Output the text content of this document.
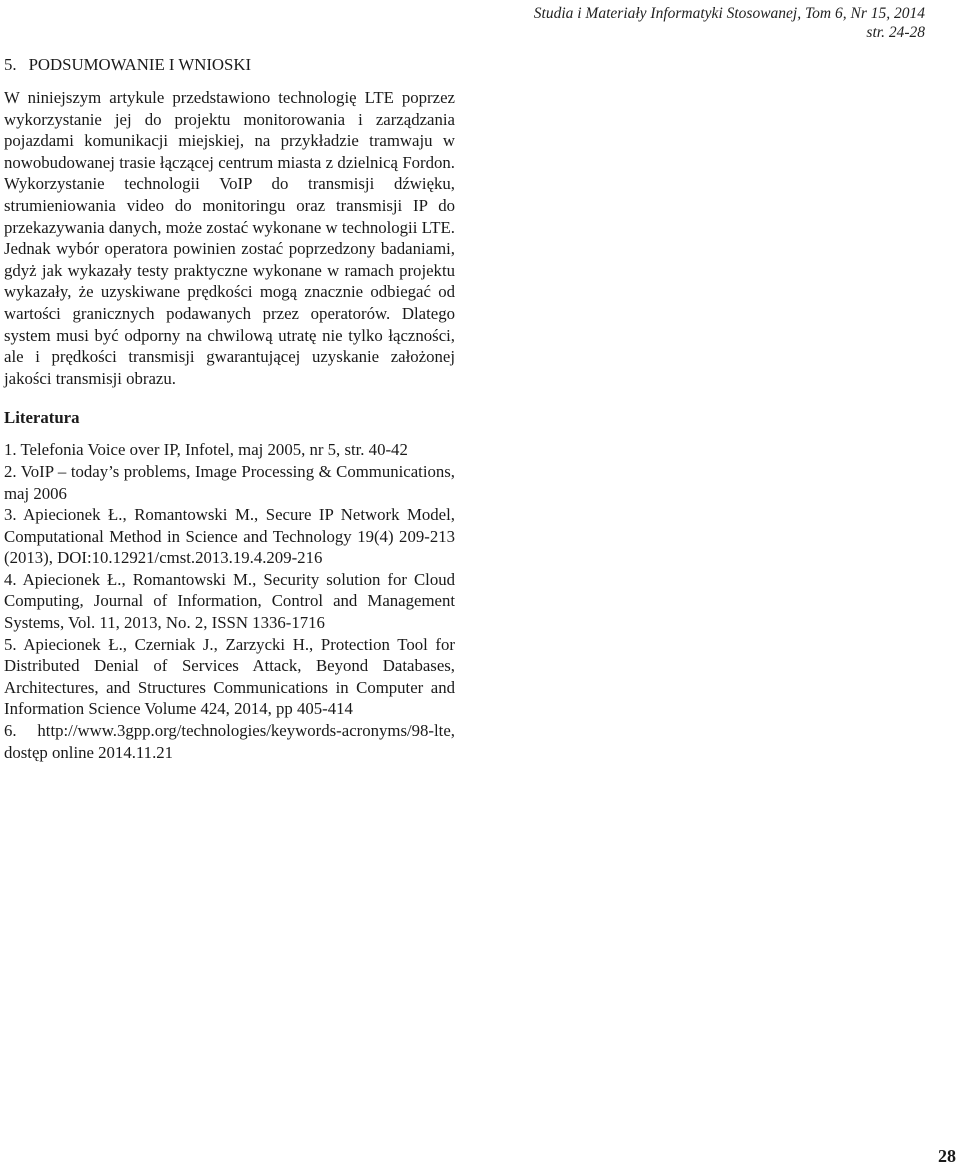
Studia i Materiały Informatyki Stosowanej, Tom 6, Nr 15, 2014
str. 24-28
5. PODSUMOWANIE I WNIOSKI

W niniejszym artykule przedstawiono technologię LTE poprzez wykorzystanie jej do projektu monitorowania i zarządzania pojazdami komunikacji miejskiej, na przykładzie tramwaju w nowobudowanej trasie łączącej centrum miasta z dzielnicą Fordon. Wykorzystanie technologii VoIP do transmisji dźwięku, strumieniowania video do monitoringu oraz transmisji IP do przekazywania danych, może zostać wykonane w technologii LTE. Jednak wybór operatora powinien zostać poprzedzony badaniami, gdyż jak wykazały testy praktyczne wykonane w ramach projektu wykazały, że uzyskiwane prędkości mogą znacznie odbiegać od wartości granicznych podawanych przez operatorów. Dlatego system musi być odporny na chwilową utratę nie tylko łączności, ale i prędkości transmisji gwarantującej uzyskanie założonej jakości transmisji obrazu.

Literatura
1. Telefonia Voice over IP, Infotel, maj 2005, nr 5, str. 40-42
2. VoIP – today’s problems, Image Processing & Communications, maj 2006
3. Apiecionek Ł., Romantowski M., Secure IP Network Model, Computational Method in Science and Technology 19(4) 209-213 (2013), DOI:10.12921/cmst.2013.19.4.209-216
4. Apiecionek Ł., Romantowski M., Security solution for Cloud Computing, Journal of Information, Control and Management Systems, Vol. 11, 2013, No. 2, ISSN 1336-1716
5. Apiecionek Ł., Czerniak J., Zarzycki H., Protection Tool for Distributed Denial of Services Attack, Beyond Databases, Architectures, and Structures Communications in Computer and Information Science Volume 424, 2014, pp 405-414
6. http://www.3gpp.org/technologies/keywords-acronyms/98-lte, dostęp online 2014.11.21
28
